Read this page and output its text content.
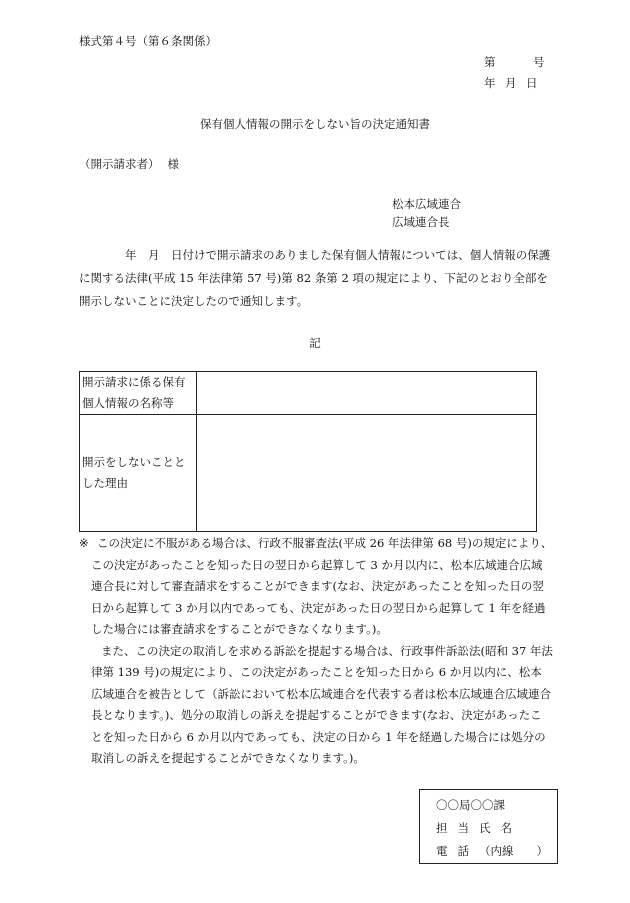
様式第４号（第６条関係）
第	号
年 月 日
保有個人情報の開示をしない旨の決定通知書
（開示請求者） 様
松本広域連合
広域連合長

年　月　日付けで開示請求のありました保有個人情報については、個人情報の保護に関する法律(平成 15 年法律第 57 号)第 82 条第 2 項の規定により、下記のとおり全部を開示しないことに決定したので通知します。

記
開示請求に係る保有個人情報の名称等	
開示をしないこととした理由	

※ この決定に不服がある場合は、行政不服審査法(平成 26 年法律第 68 号)の規定により、この決定があったことを知った日の翌日から起算して 3 か月以内に、松本広域連合広域連合長に対して審査請求をすることができます(なお、決定があったことを知った日の翌日から起算して 3 か月以内であっても、決定があった日の翌日から起算して 1 年を経過した場合には審査請求をすることができなくなります。)。

また、この決定の取消しを求める訴訟を提起する場合は、行政事件訴訟法(昭和 37 年法律第 139 号)の規定により、この決定があったことを知った日から 6 か月以内に、松本広域連合を被告として（訴訟において松本広域連合を代表する者は松本広域連合広域連合長となります。)、処分の取消しの訴えを提起することができます(なお、決定があったことを知った日から 6 か月以内であっても、決定の日から 1 年を経過した場合には処分の取消しの訴えを提起することができなくなります。)。

〇〇局〇〇課
担当氏名
電話（内線　　）
